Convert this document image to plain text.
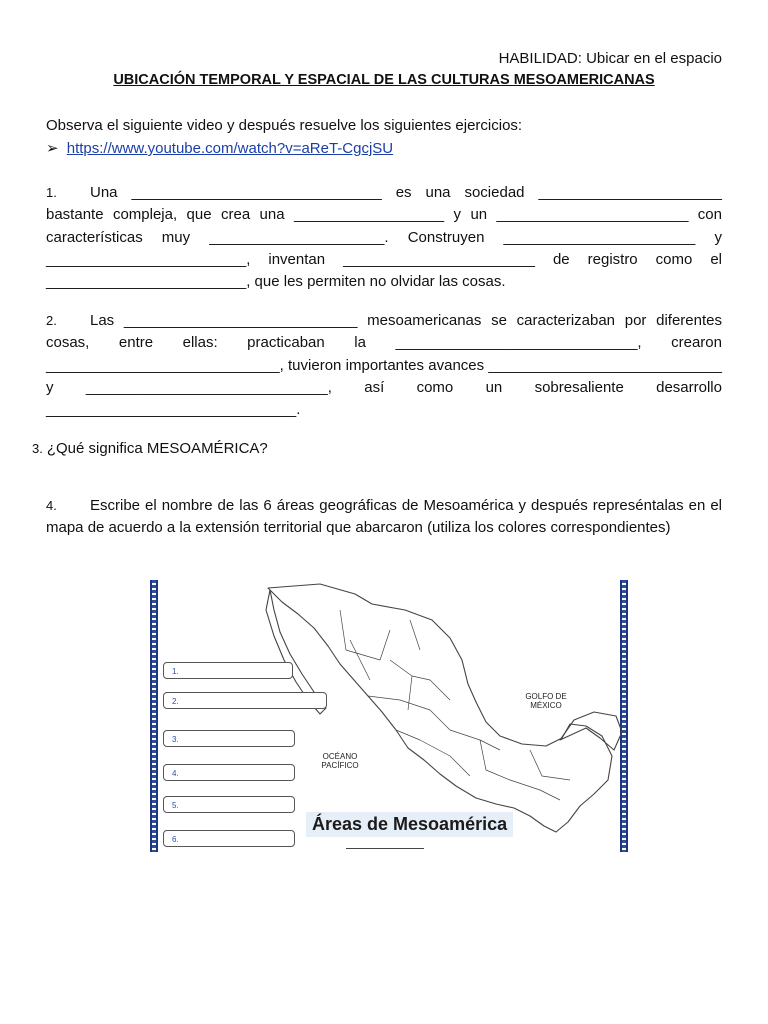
HABILIDAD: Ubicar en el espacio
UBICACIÓN TEMPORAL Y ESPACIAL DE LAS CULTURAS MESOAMERICANAS
Observa el siguiente video y después resuelve los siguientes ejercicios:
➢ https://www.youtube.com/watch?v=aReT-CgcjSU
1. Una ______________________________ es una sociedad ______________________ bastante compleja, que crea una __________________ y un _______________________ con características muy _____________________. Construyen _______________________ y ________________________, inventan _______________________ de registro como el ________________________, que les permiten no olvidar las cosas.
2. Las ____________________________ mesoamericanas se caracterizaban por diferentes cosas, entre ellas: practicaban la _____________________________, crearon ____________________________, tuvieron importantes avances ____________________________ y _____________________________, así como un sobresaliente desarrollo ______________________________.
3. ¿Qué significa MESOAMÉRICA?
4. Escribe el nombre de las 6 áreas geográficas de Mesoamérica y después represéntalas en el mapa de acuerdo a la extensión territorial que abarcaron (utiliza los colores correspondientes)
GOLFO DE MÉXICO
OCÉANO PACÍFICO
1.
2.
3.
4.
5.
6.
Áreas de Mesoamérica
